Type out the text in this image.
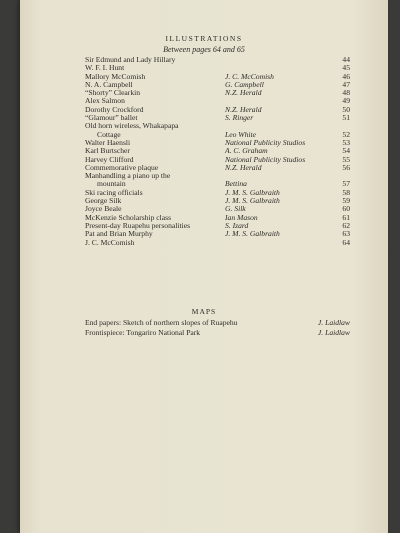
ILLUSTRATIONS
Between pages 64 and 65
Sir Edmund and Lady Hillary	44
W. F. I. Hunt	45
Mallory McComish	J. C. McComish	46
N. A. Campbell	G. Campbell	47
“Shorty” Clearkin	N.Z. Herald	48
Alex Salmon	49
Dorothy Crockford	N.Z. Herald	50
“Glamour” ballet	S. Ringer	51
Old horn wireless, Whakapapa
Cottage	Leo White	52
Walter Haensli	National Publicity Studios	53
Karl Burtscher	A. C. Graham	54
Harvey Clifford	National Publicity Studios	55
Commemorative plaque	N.Z. Herald	56
Manhandling a piano up the
mountain	Bettina	57
Ski racing officials	J. M. S. Galbraith	58
George Silk	J. M. S. Galbraith	59
Joyce Beale	G. Silk	60
McKenzie Scholarship class	Ian Mason	61
Present-day Ruapehu personalities	S. Izard	62
Pat and Brian Murphy	J. M. S. Galbraith	63
J. C. McComish	64
MAPS
End papers: Sketch of northern slopes of Ruapehu	J. Laidlaw
Frontispiece: Tongariro National Park	J. Laidlaw
